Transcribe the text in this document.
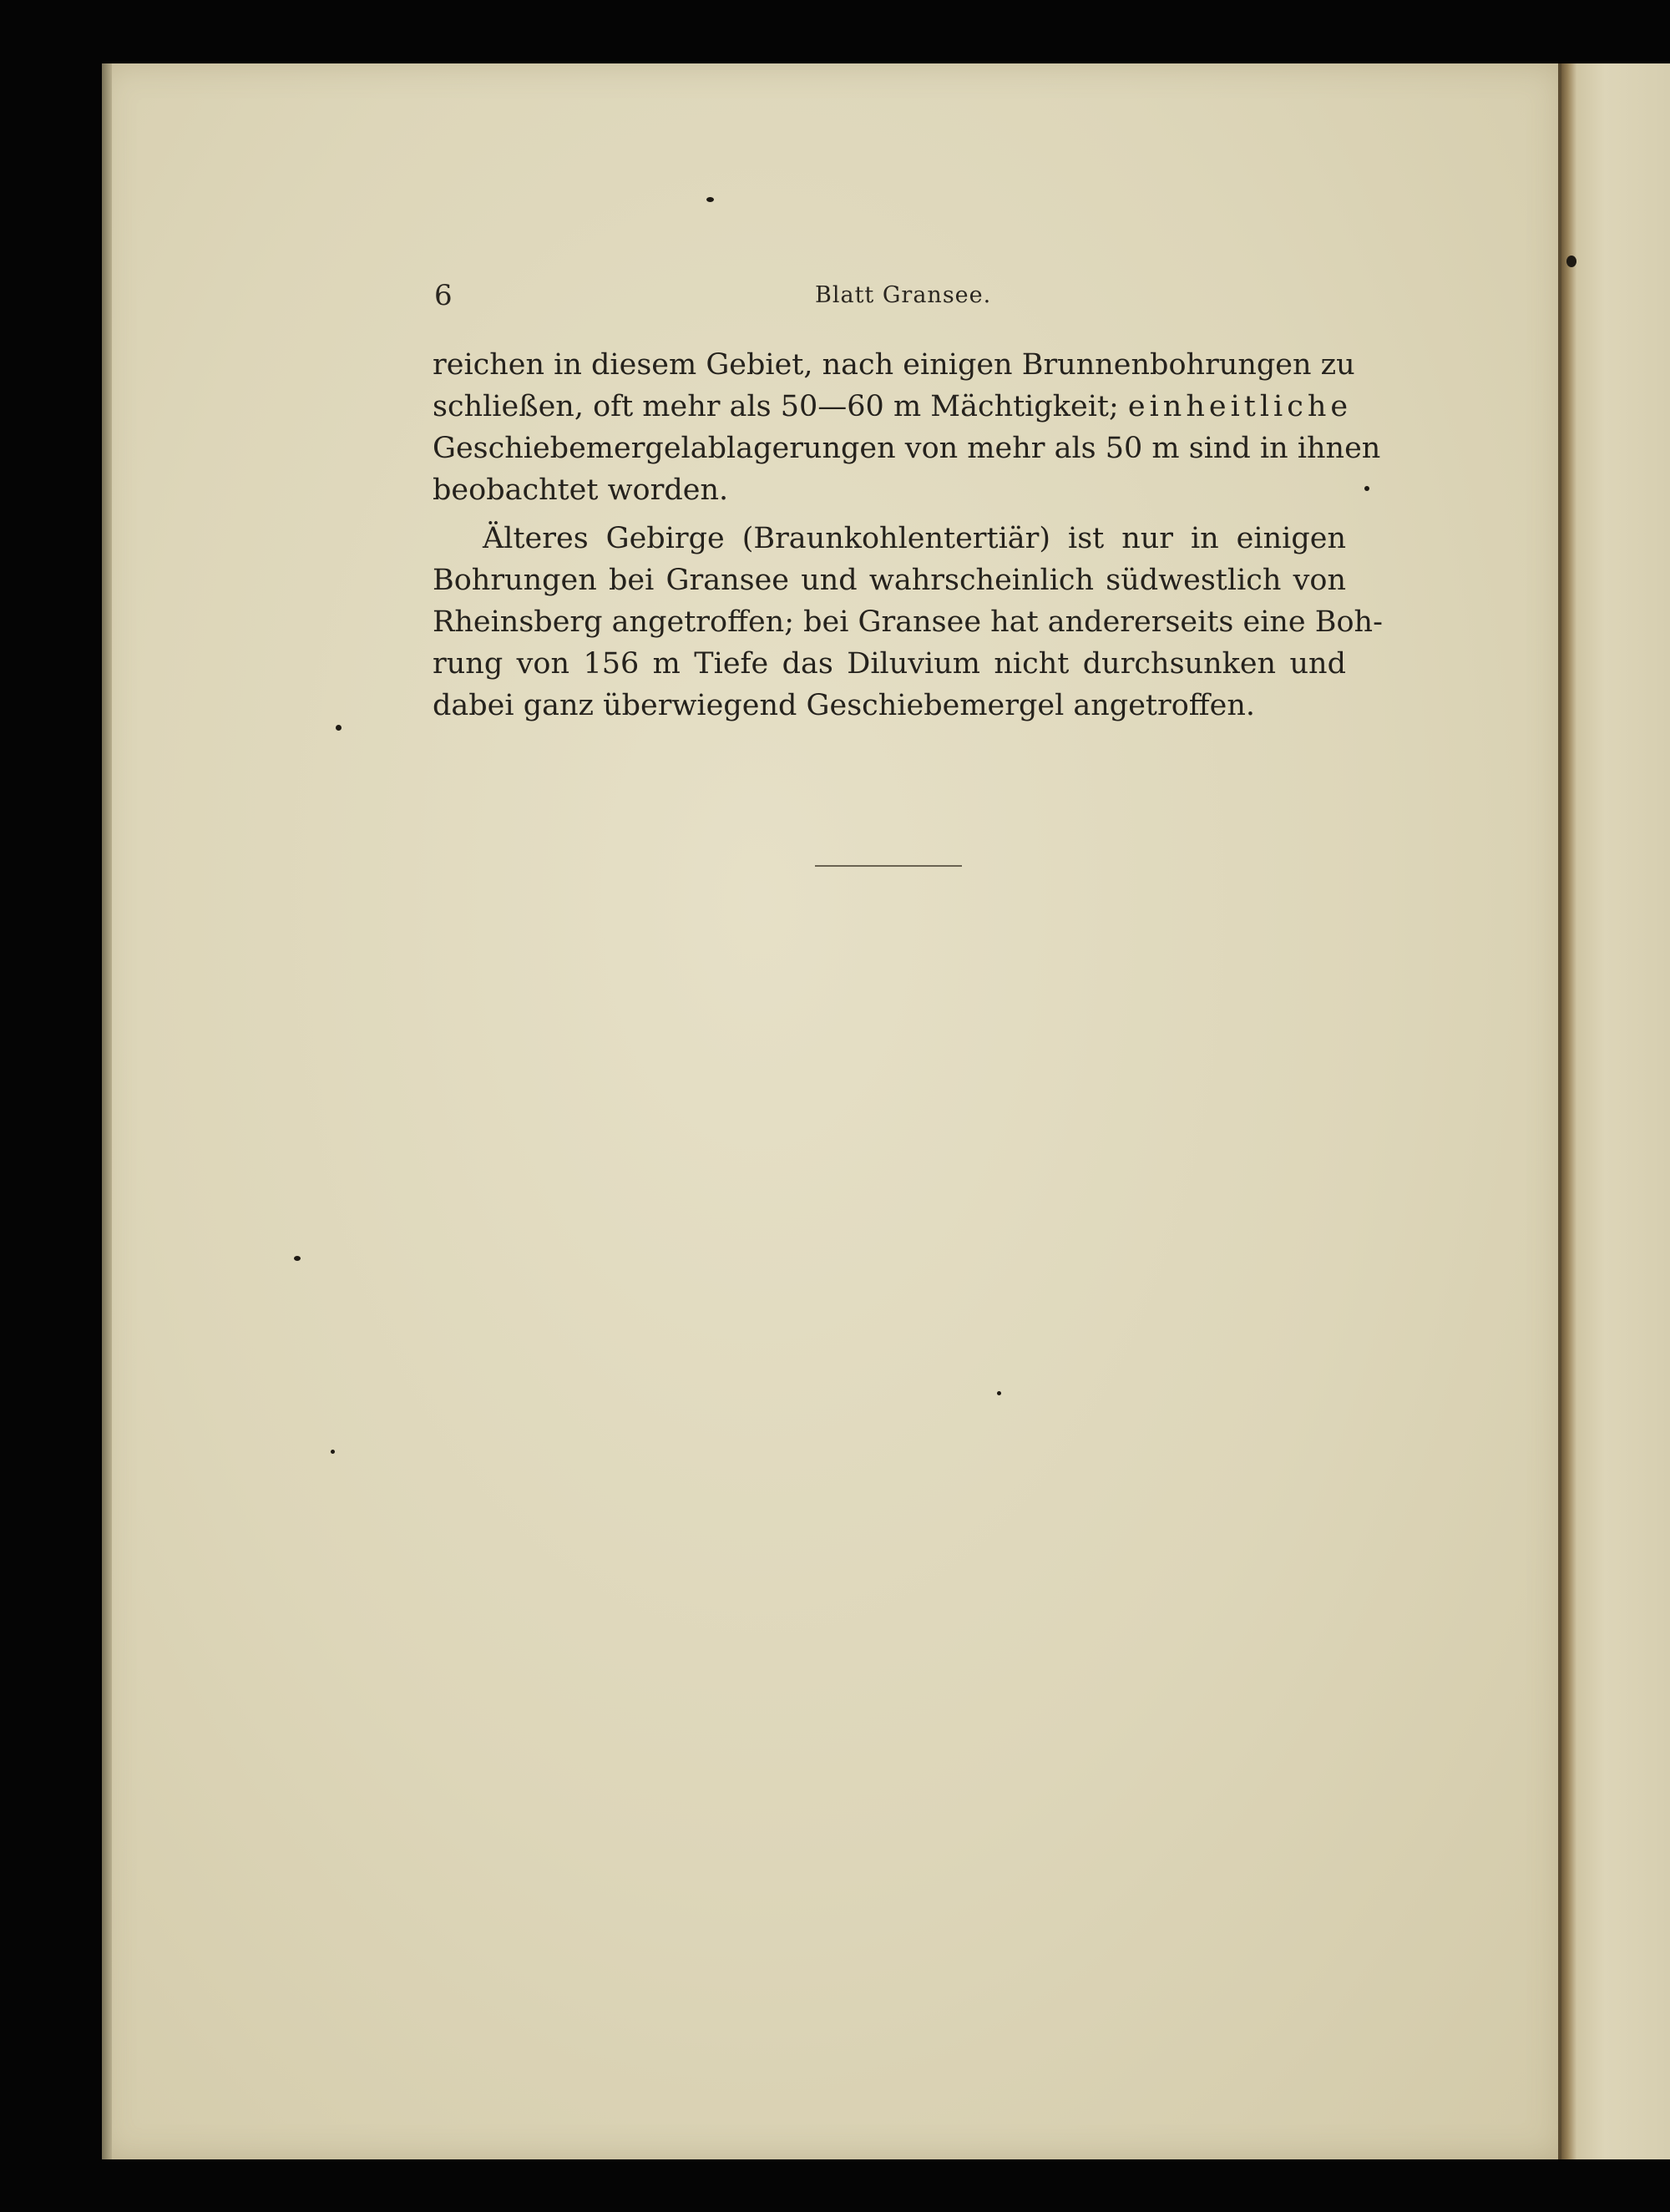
6	Blatt Gransee.
reichen in diesem Gebiet, nach einigen Brunnenbohrungen zu
schließen, oft mehr als 50—60 m Mächtigkeit; einheitliche
Geschiebemergelablagerungen von mehr als 50 m sind in ihnen
beobachtet worden.
Älteres Gebirge (Braunkohlentertiär) ist nur in einigen
Bohrungen bei Gransee und wahrscheinlich südwestlich von
Rheinsberg angetroffen; bei Gransee hat andererseits eine Boh-
rung von 156 m Tiefe das Diluvium nicht durchsunken und
dabei ganz überwiegend Geschiebemergel angetroffen.
